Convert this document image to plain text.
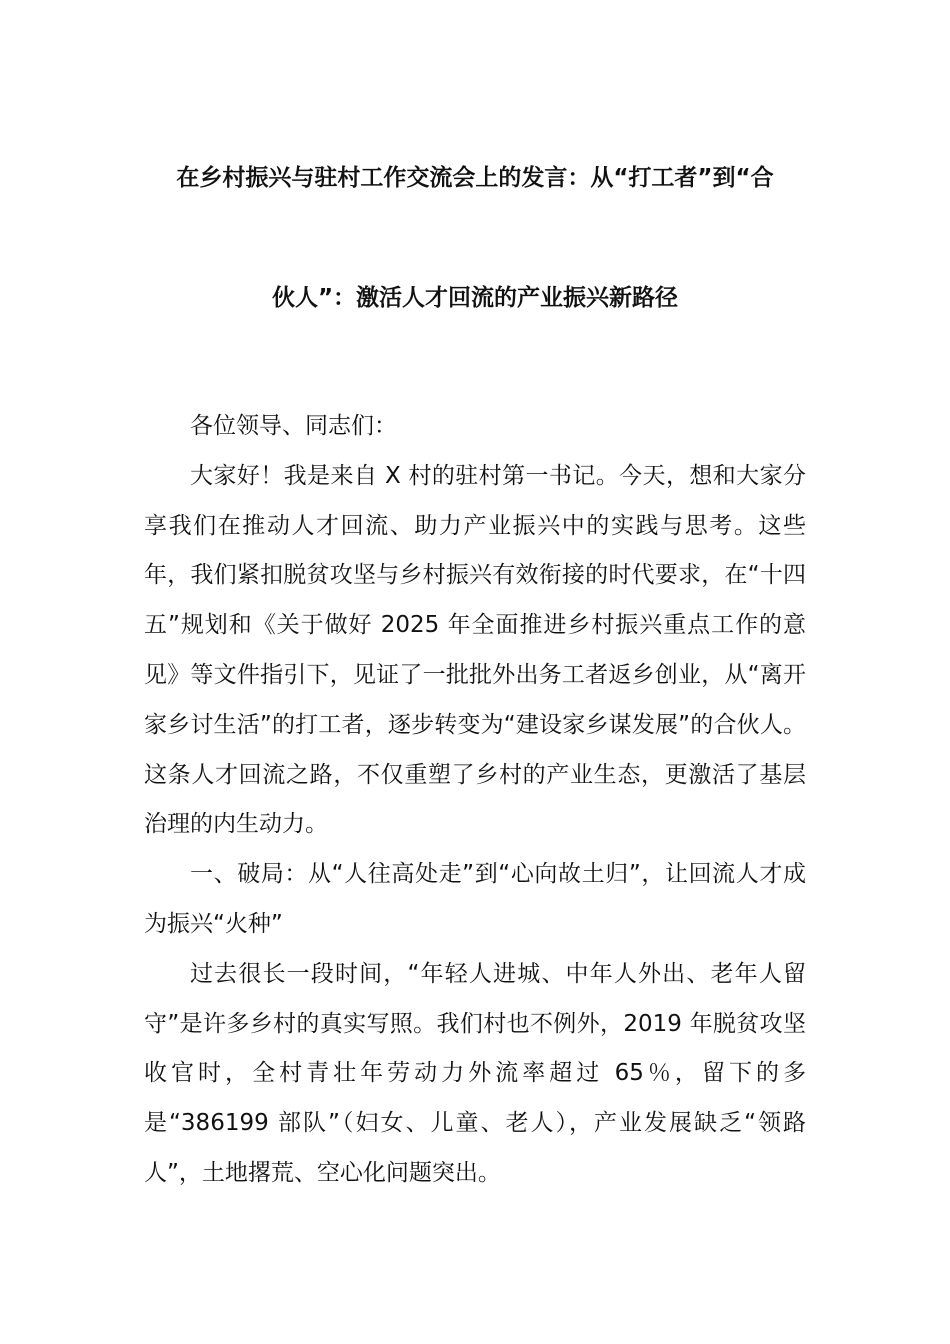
在乡村振兴与驻村工作交流会上的发言：从“打工者”到“合
伙人”：激活人才回流的产业振兴新路径

各位领导、同志们：

大家好！我是来自 X 村的驻村第一书记。今天，想和大家分享我们在推动人才回流、助力产业振兴中的实践与思考。这些年，我们紧扣脱贫攻坚与乡村振兴有效衔接的时代要求，在“十四五”规划和《关于做好 2025 年全面推进乡村振兴重点工作的意见》等文件指引下，见证了一批批外出务工者返乡创业，从“离开家乡讨生活”的打工者，逐步转变为“建设家乡谋发展”的合伙人。这条人才回流之路，不仅重塑了乡村的产业生态，更激活了基层治理的内生动力。

一、破局：从“人往高处走”到“心向故土归”，让回流人才成为振兴“火种”

过去很长一段时间，“年轻人进城、中年人外出、老年人留守”是许多乡村的真实写照。我们村也不例外，2019 年脱贫攻坚收官时，全村青壮年劳动力外流率超过 65％，留下的多是“386199 部队”（妇女、儿童、老人），产业发展缺乏“领路人”，土地撂荒、空心化问题突出。
